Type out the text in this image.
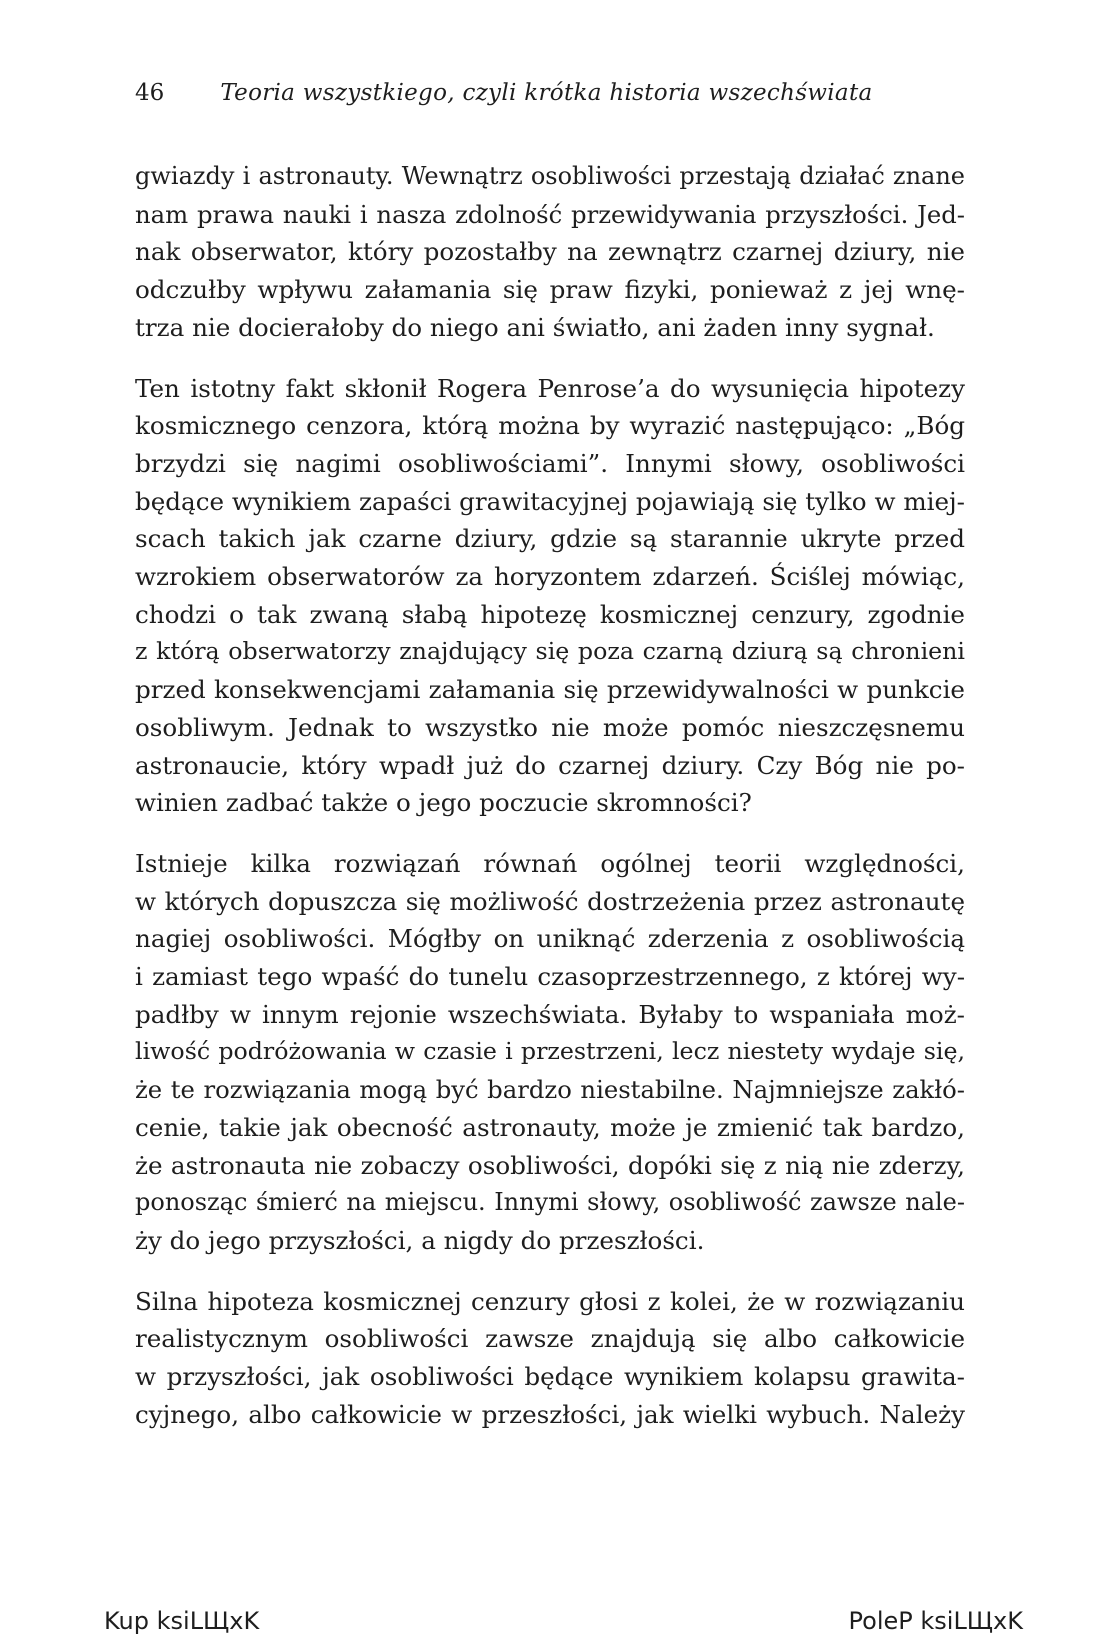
46 Teoria wszystkiego, czyli krótka historia wszechświata

gwiazdy i astronauty. Wewnątrz osobliwości przestają działać znane
nam prawa nauki i nasza zdolność przewidywania przyszłości. Jed-
nak obserwator, który pozostałby na zewnątrz czarnej dziury, nie
odczułby wpływu załamania się praw fizyki, ponieważ z jej wnę-
trza nie docierałoby do niego ani światło, ani żaden inny sygnał.

Ten istotny fakt skłonił Rogera Penrose’a do wysunięcia hipotezy
kosmicznego cenzora, którą można by wyrazić następująco: „Bóg
brzydzi się nagimi osobliwościami”. Innymi słowy, osobliwości
będące wynikiem zapaści grawitacyjnej pojawiają się tylko w miej-
scach takich jak czarne dziury, gdzie są starannie ukryte przed
wzrokiem obserwatorów za horyzontem zdarzeń. Ściślej mówiąc,
chodzi o tak zwaną słabą hipotezę kosmicznej cenzury, zgodnie
z którą obserwatorzy znajdujący się poza czarną dziurą są chronieni
przed konsekwencjami załamania się przewidywalności w punkcie
osobliwym. Jednak to wszystko nie może pomóc nieszczęsnemu
astronaucie, który wpadł już do czarnej dziury. Czy Bóg nie po-
winien zadbać także o jego poczucie skromności?

Istnieje kilka rozwiązań równań ogólnej teorii względności,
w których dopuszcza się możliwość dostrzeżenia przez astronautę
nagiej osobliwości. Mógłby on uniknąć zderzenia z osobliwością
i zamiast tego wpaść do tunelu czasoprzestrzennego, z której wy-
padłby w innym rejonie wszechświata. Byłaby to wspaniała moż-
liwość podróżowania w czasie i przestrzeni, lecz niestety wydaje się,
że te rozwiązania mogą być bardzo niestabilne. Najmniejsze zakłó-
cenie, takie jak obecność astronauty, może je zmienić tak bardzo,
że astronauta nie zobaczy osobliwości, dopóki się z nią nie zderzy,
ponosząc śmierć na miejscu. Innymi słowy, osobliwość zawsze nale-
ży do jego przyszłości, a nigdy do przeszłości.

Silna hipoteza kosmicznej cenzury głosi z kolei, że w rozwiązaniu
realistycznym osobliwości zawsze znajdują się albo całkowicie
w przyszłości, jak osobliwości będące wynikiem kolapsu grawita-
cyjnego, albo całkowicie w przeszłości, jak wielki wybuch. Należy

Kup ksiLЩxK	PoleP ksiLЩxK
